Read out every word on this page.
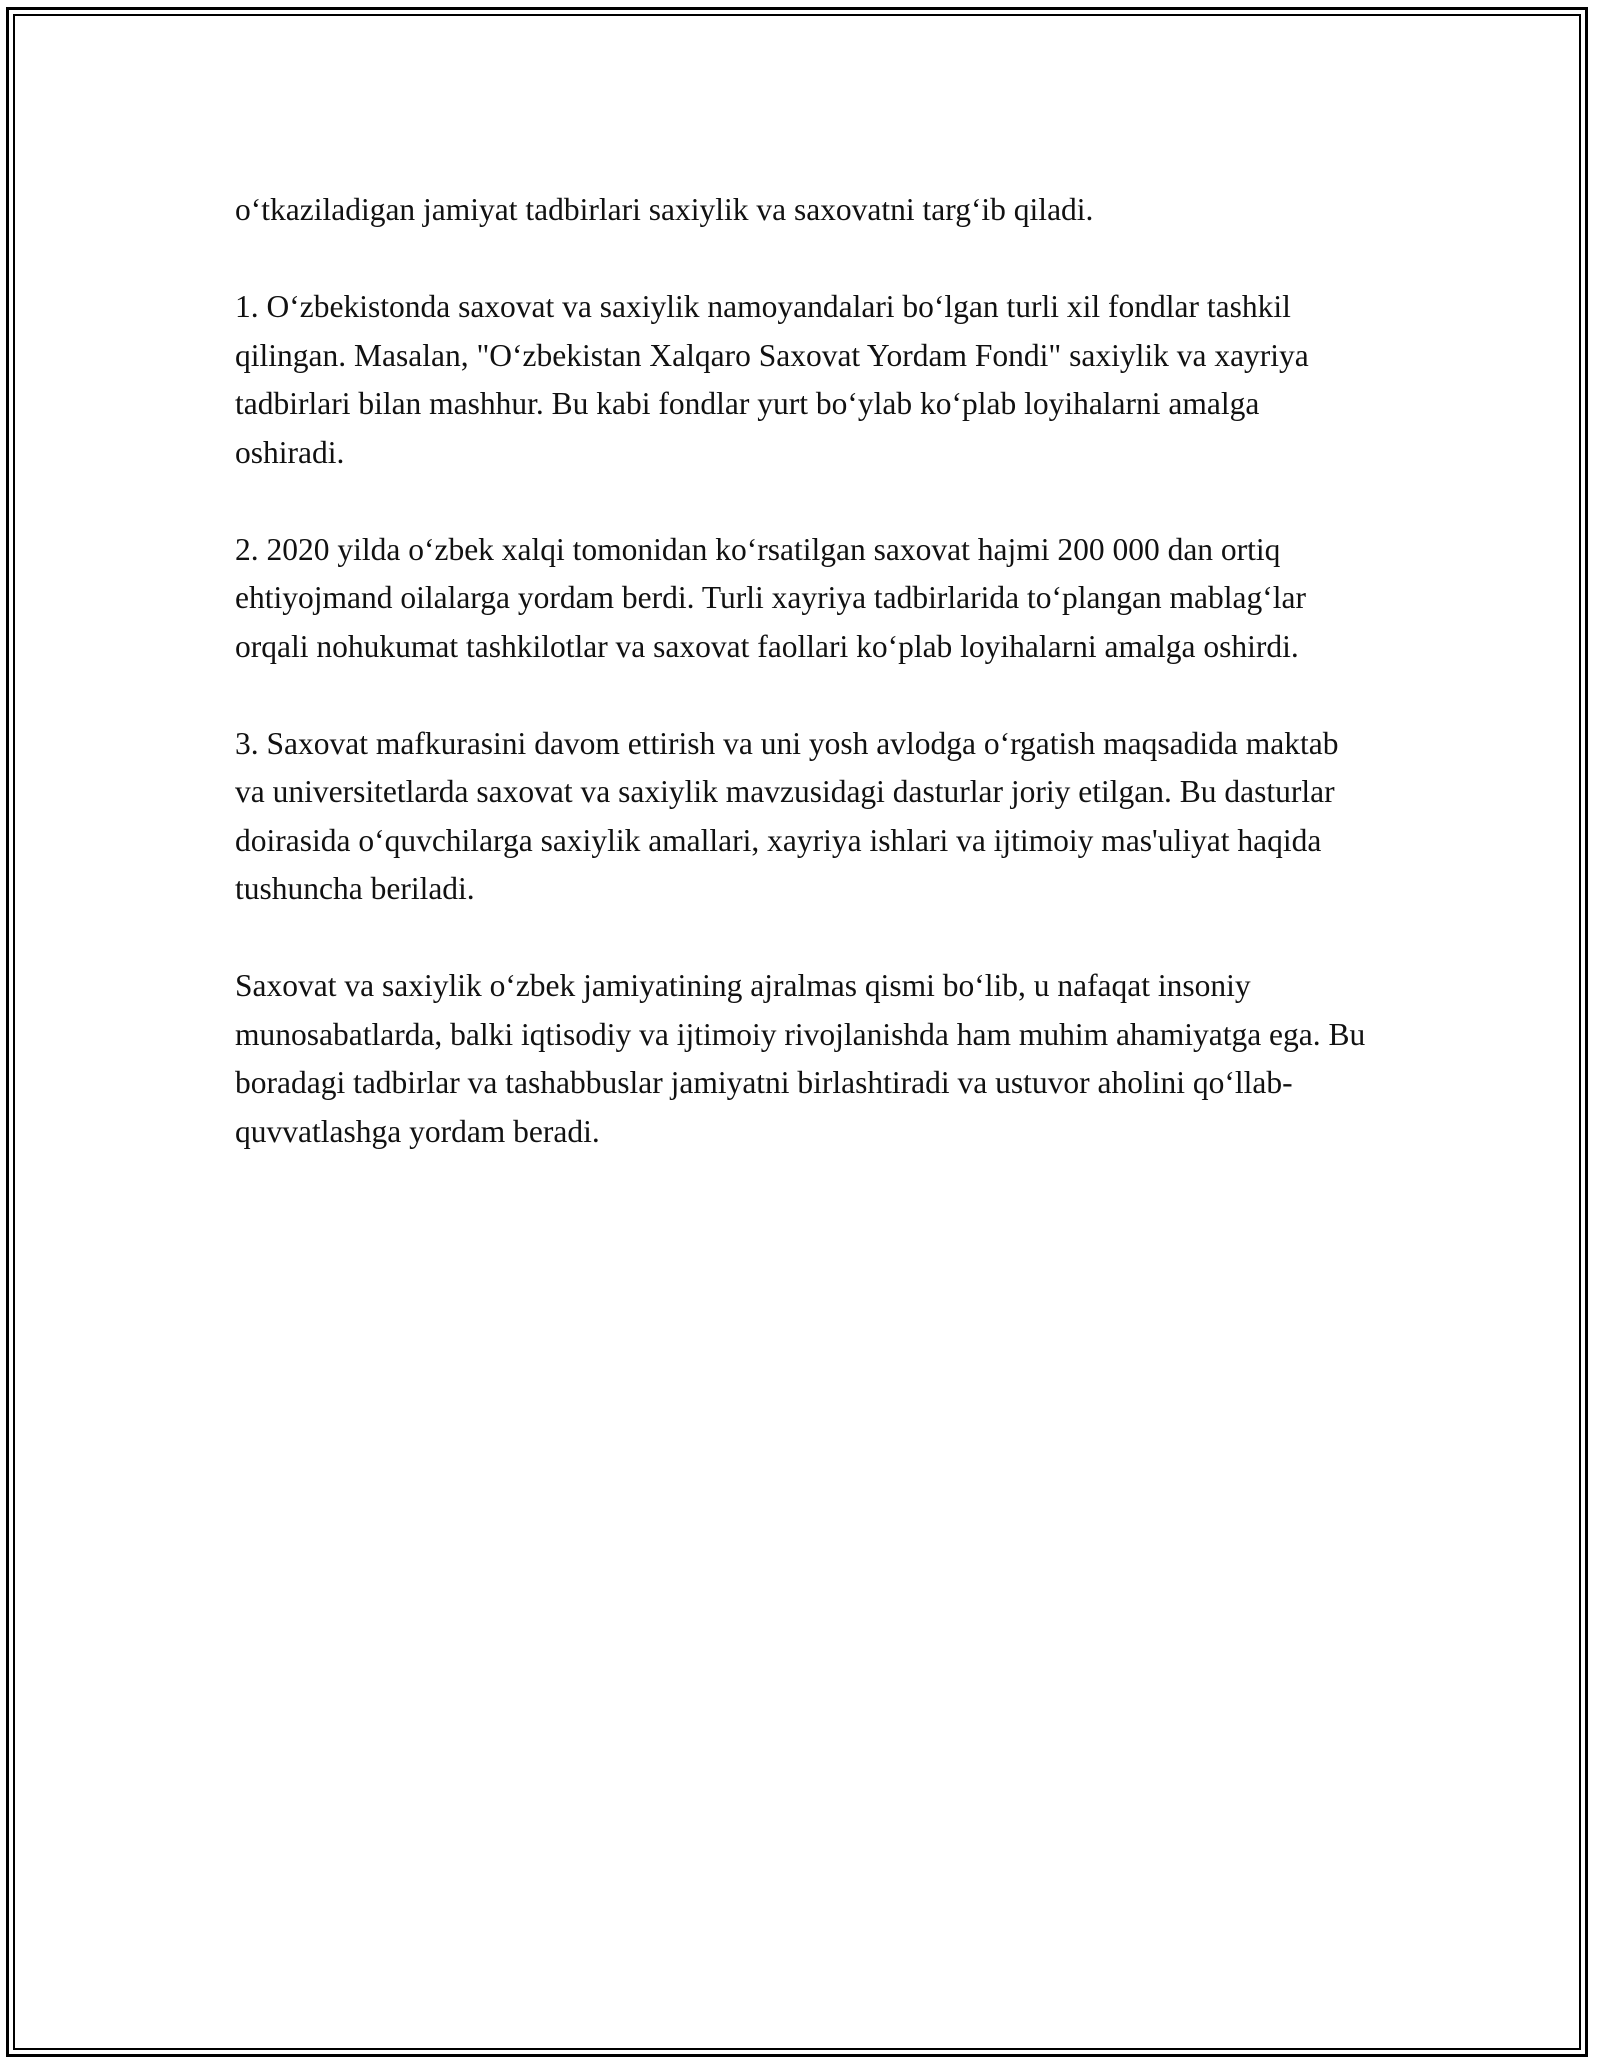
o‘tkaziladigan jamiyat tadbirlari saxiylik va saxovatni targ‘ib qiladi.

1. O‘zbekistonda saxovat va saxiylik namoyandalari bo‘lgan turli xil fondlar tashkil qilingan. Masalan, "O‘zbekistan Xalqaro Saxovat Yordam Fondi" saxiylik va xayriya tadbirlari bilan mashhur. Bu kabi fondlar yurt bo‘ylab ko‘plab loyihalarni amalga oshiradi.

2. 2020 yilda o‘zbek xalqi tomonidan ko‘rsatilgan saxovat hajmi 200 000 dan ortiq ehtiyojmand oilalarga yordam berdi. Turli xayriya tadbirlarida to‘plangan mablag‘lar orqali nohukumat tashkilotlar va saxovat faollari ko‘plab loyihalarni amalga oshirdi.

3. Saxovat mafkurasini davom ettirish va uni yosh avlodga o‘rgatish maqsadida maktab va universitetlarda saxovat va saxiylik mavzusidagi dasturlar joriy etilgan. Bu dasturlar doirasida o‘quvchilarga saxiylik amallari, xayriya ishlari va ijtimoiy mas'uliyat haqida tushuncha beriladi.

Saxovat va saxiylik o‘zbek jamiyatining ajralmas qismi bo‘lib, u nafaqat insoniy munosabatlarda, balki iqtisodiy va ijtimoiy rivojlanishda ham muhim ahamiyatga ega. Bu boradagi tadbirlar va tashabbuslar jamiyatni birlashtiradi va ustuvor aholini qo‘llab-quvvatlashga yordam beradi.
